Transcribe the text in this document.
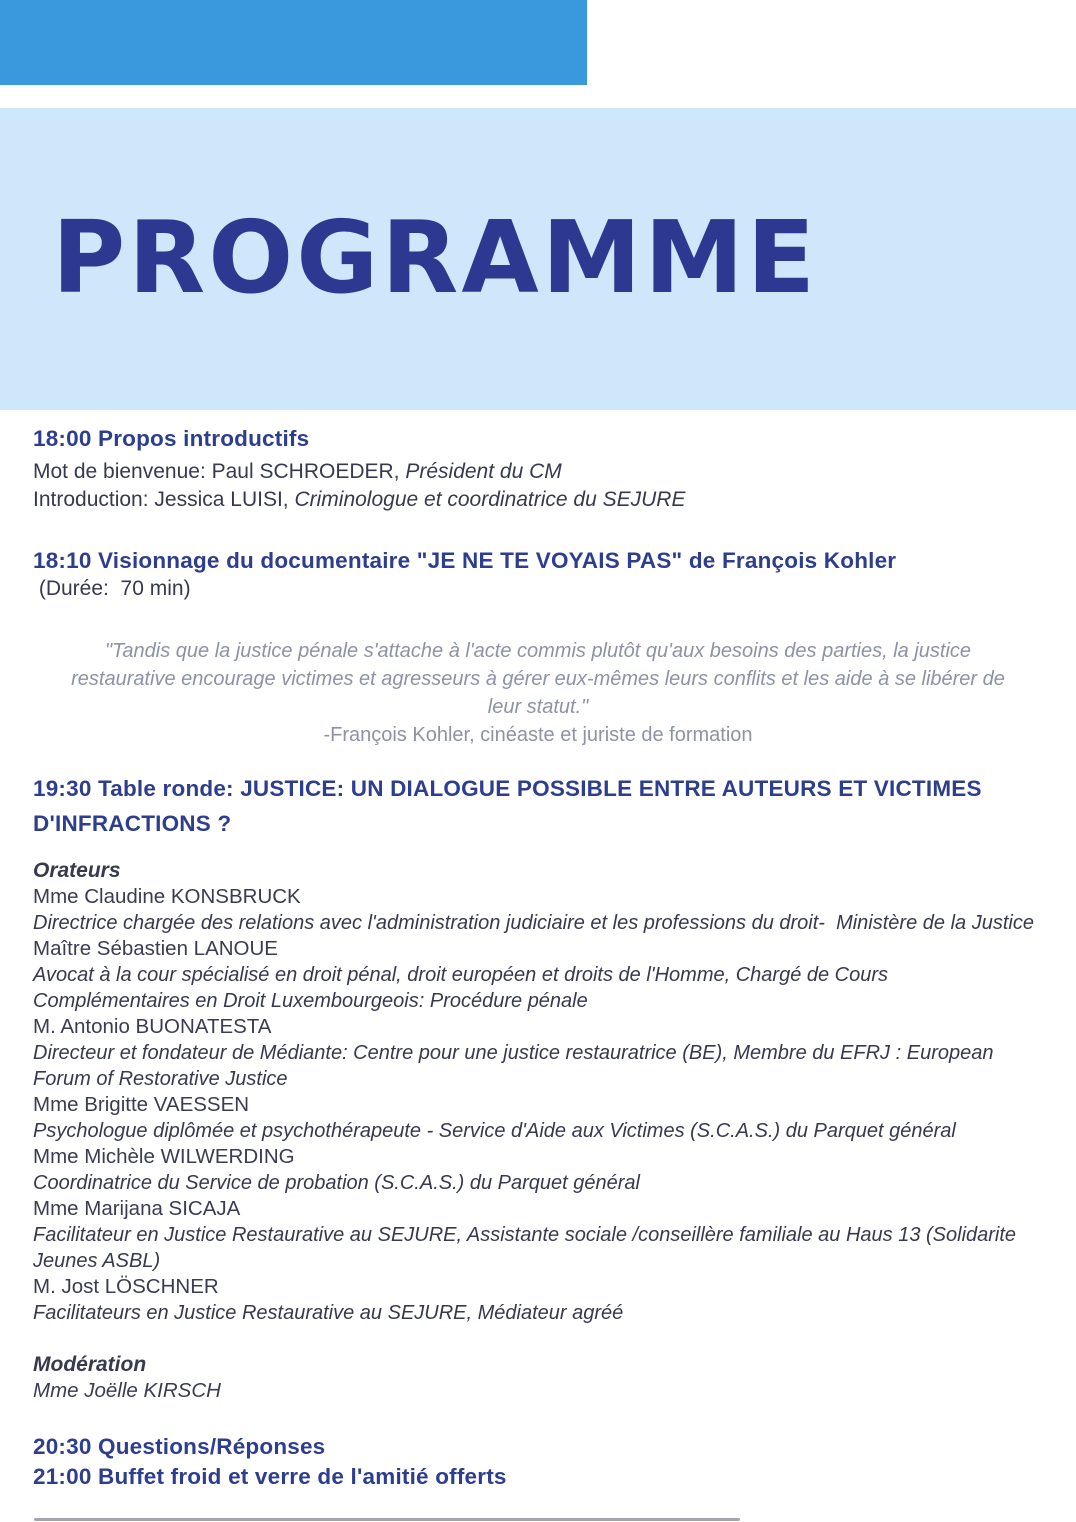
PROGRAMME
18:00 Propos introductifs

Mot de bienvenue: Paul SCHROEDER, Président du CM

Introduction: Jessica LUISI, Criminologue et coordinatrice du SEJURE

18:10 Visionnage du documentaire "JE NE TE VOYAIS PAS" de François Kohler

(Durée:  70 min)

"Tandis que la justice pénale s'attache à l'acte commis plutôt qu'aux besoins des parties, la justice restaurative encourage victimes et agresseurs à gérer eux-mêmes leurs conflits et les aide à se libérer de leur statut."

-François Kohler, cinéaste et juriste de formation

19:30 Table ronde: JUSTICE: UN DIALOGUE POSSIBLE ENTRE AUTEURS ET VICTIMES D'INFRACTIONS ?

Orateurs

Mme Claudine KONSBRUCK

Directrice chargée des relations avec l'administration judiciaire et les professions du droit-  Ministère de la Justice

Maître Sébastien LANOUE

Avocat à la cour spécialisé en droit pénal, droit européen et droits de l'Homme, Chargé de Cours Complémentaires en Droit Luxembourgeois: Procédure pénale

M. Antonio BUONATESTA

Directeur et fondateur de Médiante: Centre pour une justice restauratrice (BE), Membre du EFRJ : European Forum of Restorative Justice

Mme Brigitte VAESSEN

Psychologue diplômée et psychothérapeute - Service d'Aide aux Victimes (S.C.A.S.) du Parquet général

Mme Michèle WILWERDING

Coordinatrice du Service de probation (S.C.A.S.) du Parquet général

Mme Marijana SICAJA

Facilitateur en Justice Restaurative au SEJURE, Assistante sociale /conseillère familiale au Haus 13 (Solidarite Jeunes ASBL)

M. Jost LÖSCHNER

Facilitateurs en Justice Restaurative au SEJURE, Médiateur agréé

Modération

Mme Joëlle KIRSCH

20:30 Questions/Réponses
21:00 Buffet froid et verre de l'amitié offerts
